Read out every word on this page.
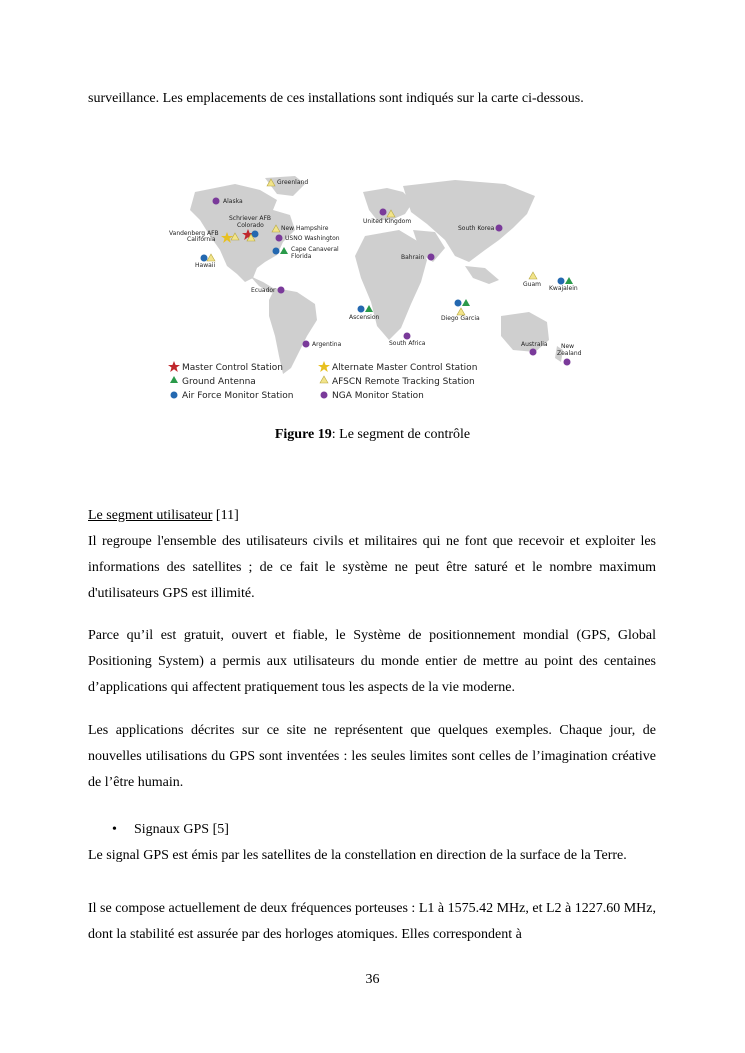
surveillance. Les emplacements de ces installations sont indiqués sur la carte ci-dessous.

Greenland
Alaska
Schriever AFB
Colorado
Vandenberg AFB
California
New Hampshire
USNO Washington
Cape Canaveral
Florida
Hawaii
Ecuador
Argentina
Ascension
United Kingdom
Bahrain
South Korea
South Africa
Diego Garcia
Guam
Kwajalein
Australia New
Zealand
Master Control Station
Ground Antenna
Air Force Monitor Station
Alternate Master Control Station
AFSCN Remote Tracking Station
NGA Monitor Station
Figure 19: Le segment de contrôle

Le segment utilisateur [11]

Il regroupe l'ensemble des utilisateurs civils et militaires qui ne font que recevoir et exploiter les informations des satellites ; de ce fait le système ne peut être saturé et le nombre maximum d'utilisateurs GPS est illimité.

Parce qu’il est gratuit, ouvert et fiable, le Système de positionnement mondial (GPS, Global Positioning System) a permis aux utilisateurs du monde entier de mettre au point des centaines d’applications qui affectent pratiquement tous les aspects de la vie moderne.

Les applications décrites sur ce site ne représentent que quelques exemples. Chaque jour, de nouvelles utilisations du GPS sont inventées : les seules limites sont celles de l’imagination créative de l’être humain.

• Signaux GPS [5]

Le signal GPS est émis par les satellites de la constellation en direction de la surface de la Terre.

Il se compose actuellement de deux fréquences porteuses : L1 à 1575.42 MHz, et L2 à 1227.60 MHz, dont la stabilité est assurée par des horloges atomiques. Elles correspondent à

36
